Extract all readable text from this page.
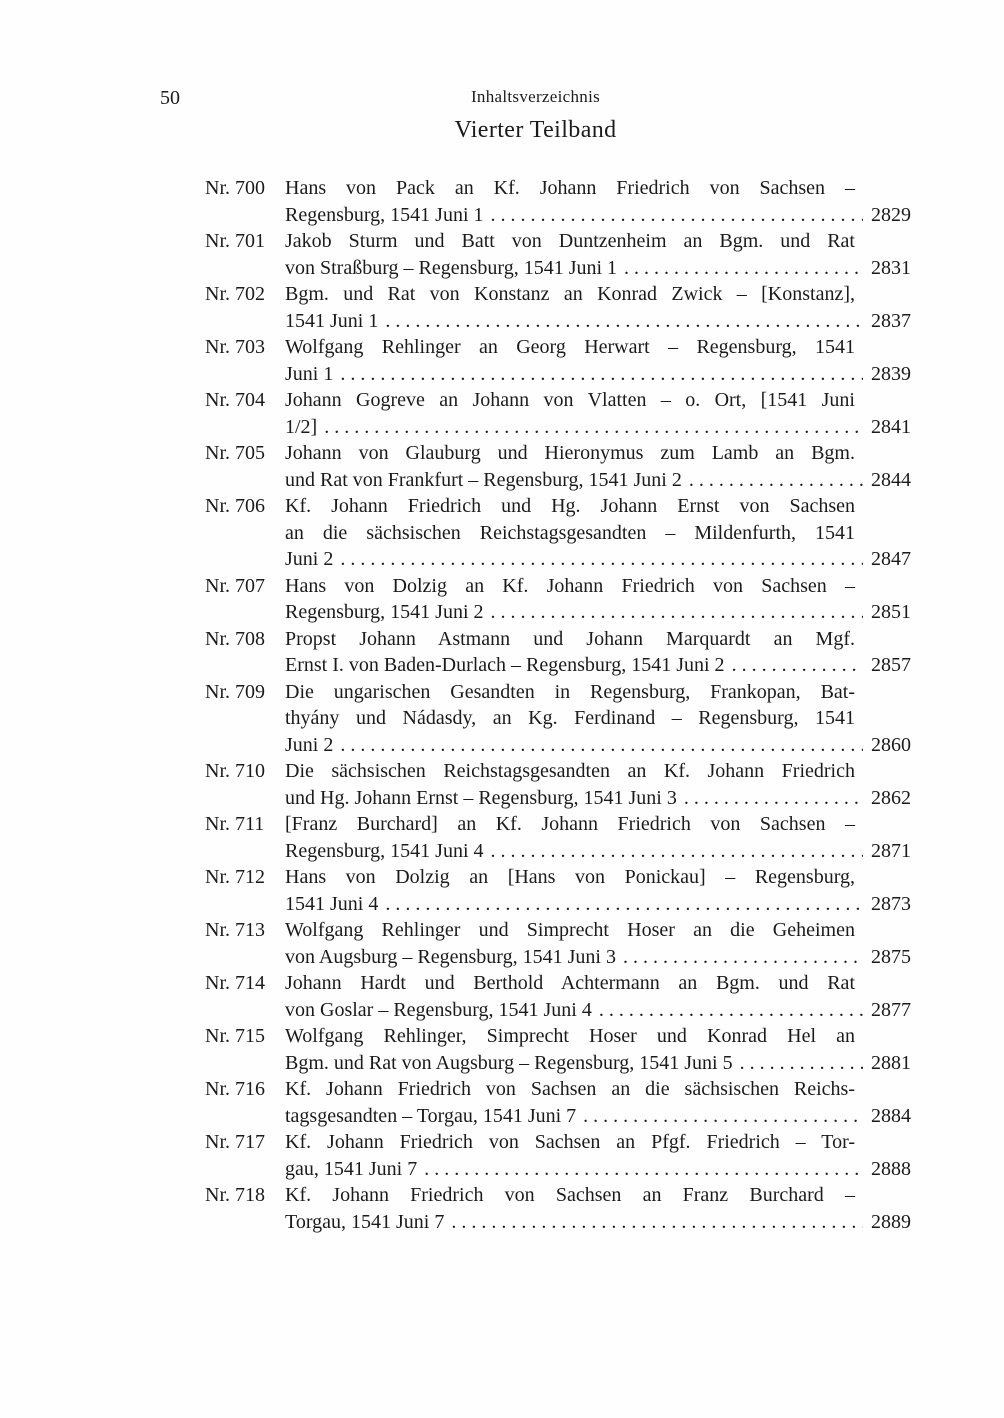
50	Inhaltsverzeichnis
Vierter Teilband
Nr. 700	Hans von Pack an Kf. Johann Friedrich von Sachsen –
Regensburg, 1541 Juni 1 . . .	2829
Nr. 701	Jakob Sturm und Batt von Duntzenheim an Bgm. und Rat
von Straßburg – Regensburg, 1541 Juni 1 . . .	2831
Nr. 702	Bgm. und Rat von Konstanz an Konrad Zwick – [Konstanz],
1541 Juni 1 . . .	2837
Nr. 703	Wolfgang Rehlinger an Georg Herwart – Regensburg, 1541
Juni 1 . . .	2839
Nr. 704	Johann Gogreve an Johann von Vlatten – o. Ort, [1541 Juni
1/2] . . .	2841
Nr. 705	Johann von Glauburg und Hieronymus zum Lamb an Bgm.
und Rat von Frankfurt – Regensburg, 1541 Juni 2 . . .	2844
Nr. 706	Kf. Johann Friedrich und Hg. Johann Ernst von Sachsen
an die sächsischen Reichstagsgesandten – Mildenfurth, 1541
Juni 2 . . .	2847
Nr. 707	Hans von Dolzig an Kf. Johann Friedrich von Sachsen –
Regensburg, 1541 Juni 2 . . .	2851
Nr. 708	Propst Johann Astmann und Johann Marquardt an Mgf.
Ernst I. von Baden-Durlach – Regensburg, 1541 Juni 2 . . .	2857
Nr. 709	Die ungarischen Gesandten in Regensburg, Frankopan, Bat-
thyány und Nádasdy, an Kg. Ferdinand – Regensburg, 1541
Juni 2 . . .	2860
Nr. 710	Die sächsischen Reichstagsgesandten an Kf. Johann Friedrich
und Hg. Johann Ernst – Regensburg, 1541 Juni 3 . . .	2862
Nr. 711	[Franz Burchard] an Kf. Johann Friedrich von Sachsen –
Regensburg, 1541 Juni 4 . . .	2871
Nr. 712	Hans von Dolzig an [Hans von Ponickau] – Regensburg,
1541 Juni 4 . . .	2873
Nr. 713	Wolfgang Rehlinger und Simprecht Hoser an die Geheimen
von Augsburg – Regensburg, 1541 Juni 3 . . .	2875
Nr. 714	Johann Hardt und Berthold Achtermann an Bgm. und Rat
von Goslar – Regensburg, 1541 Juni 4 . . .	2877
Nr. 715	Wolfgang Rehlinger, Simprecht Hoser und Konrad Hel an
Bgm. und Rat von Augsburg – Regensburg, 1541 Juni 5 . . .	2881
Nr. 716	Kf. Johann Friedrich von Sachsen an die sächsischen Reichs-
tagsgesandten – Torgau, 1541 Juni 7 . . .	2884
Nr. 717	Kf. Johann Friedrich von Sachsen an Pfgf. Friedrich – Tor-
gau, 1541 Juni 7 . . .	2888
Nr. 718	Kf. Johann Friedrich von Sachsen an Franz Burchard –
Torgau, 1541 Juni 7 . . .	2889
